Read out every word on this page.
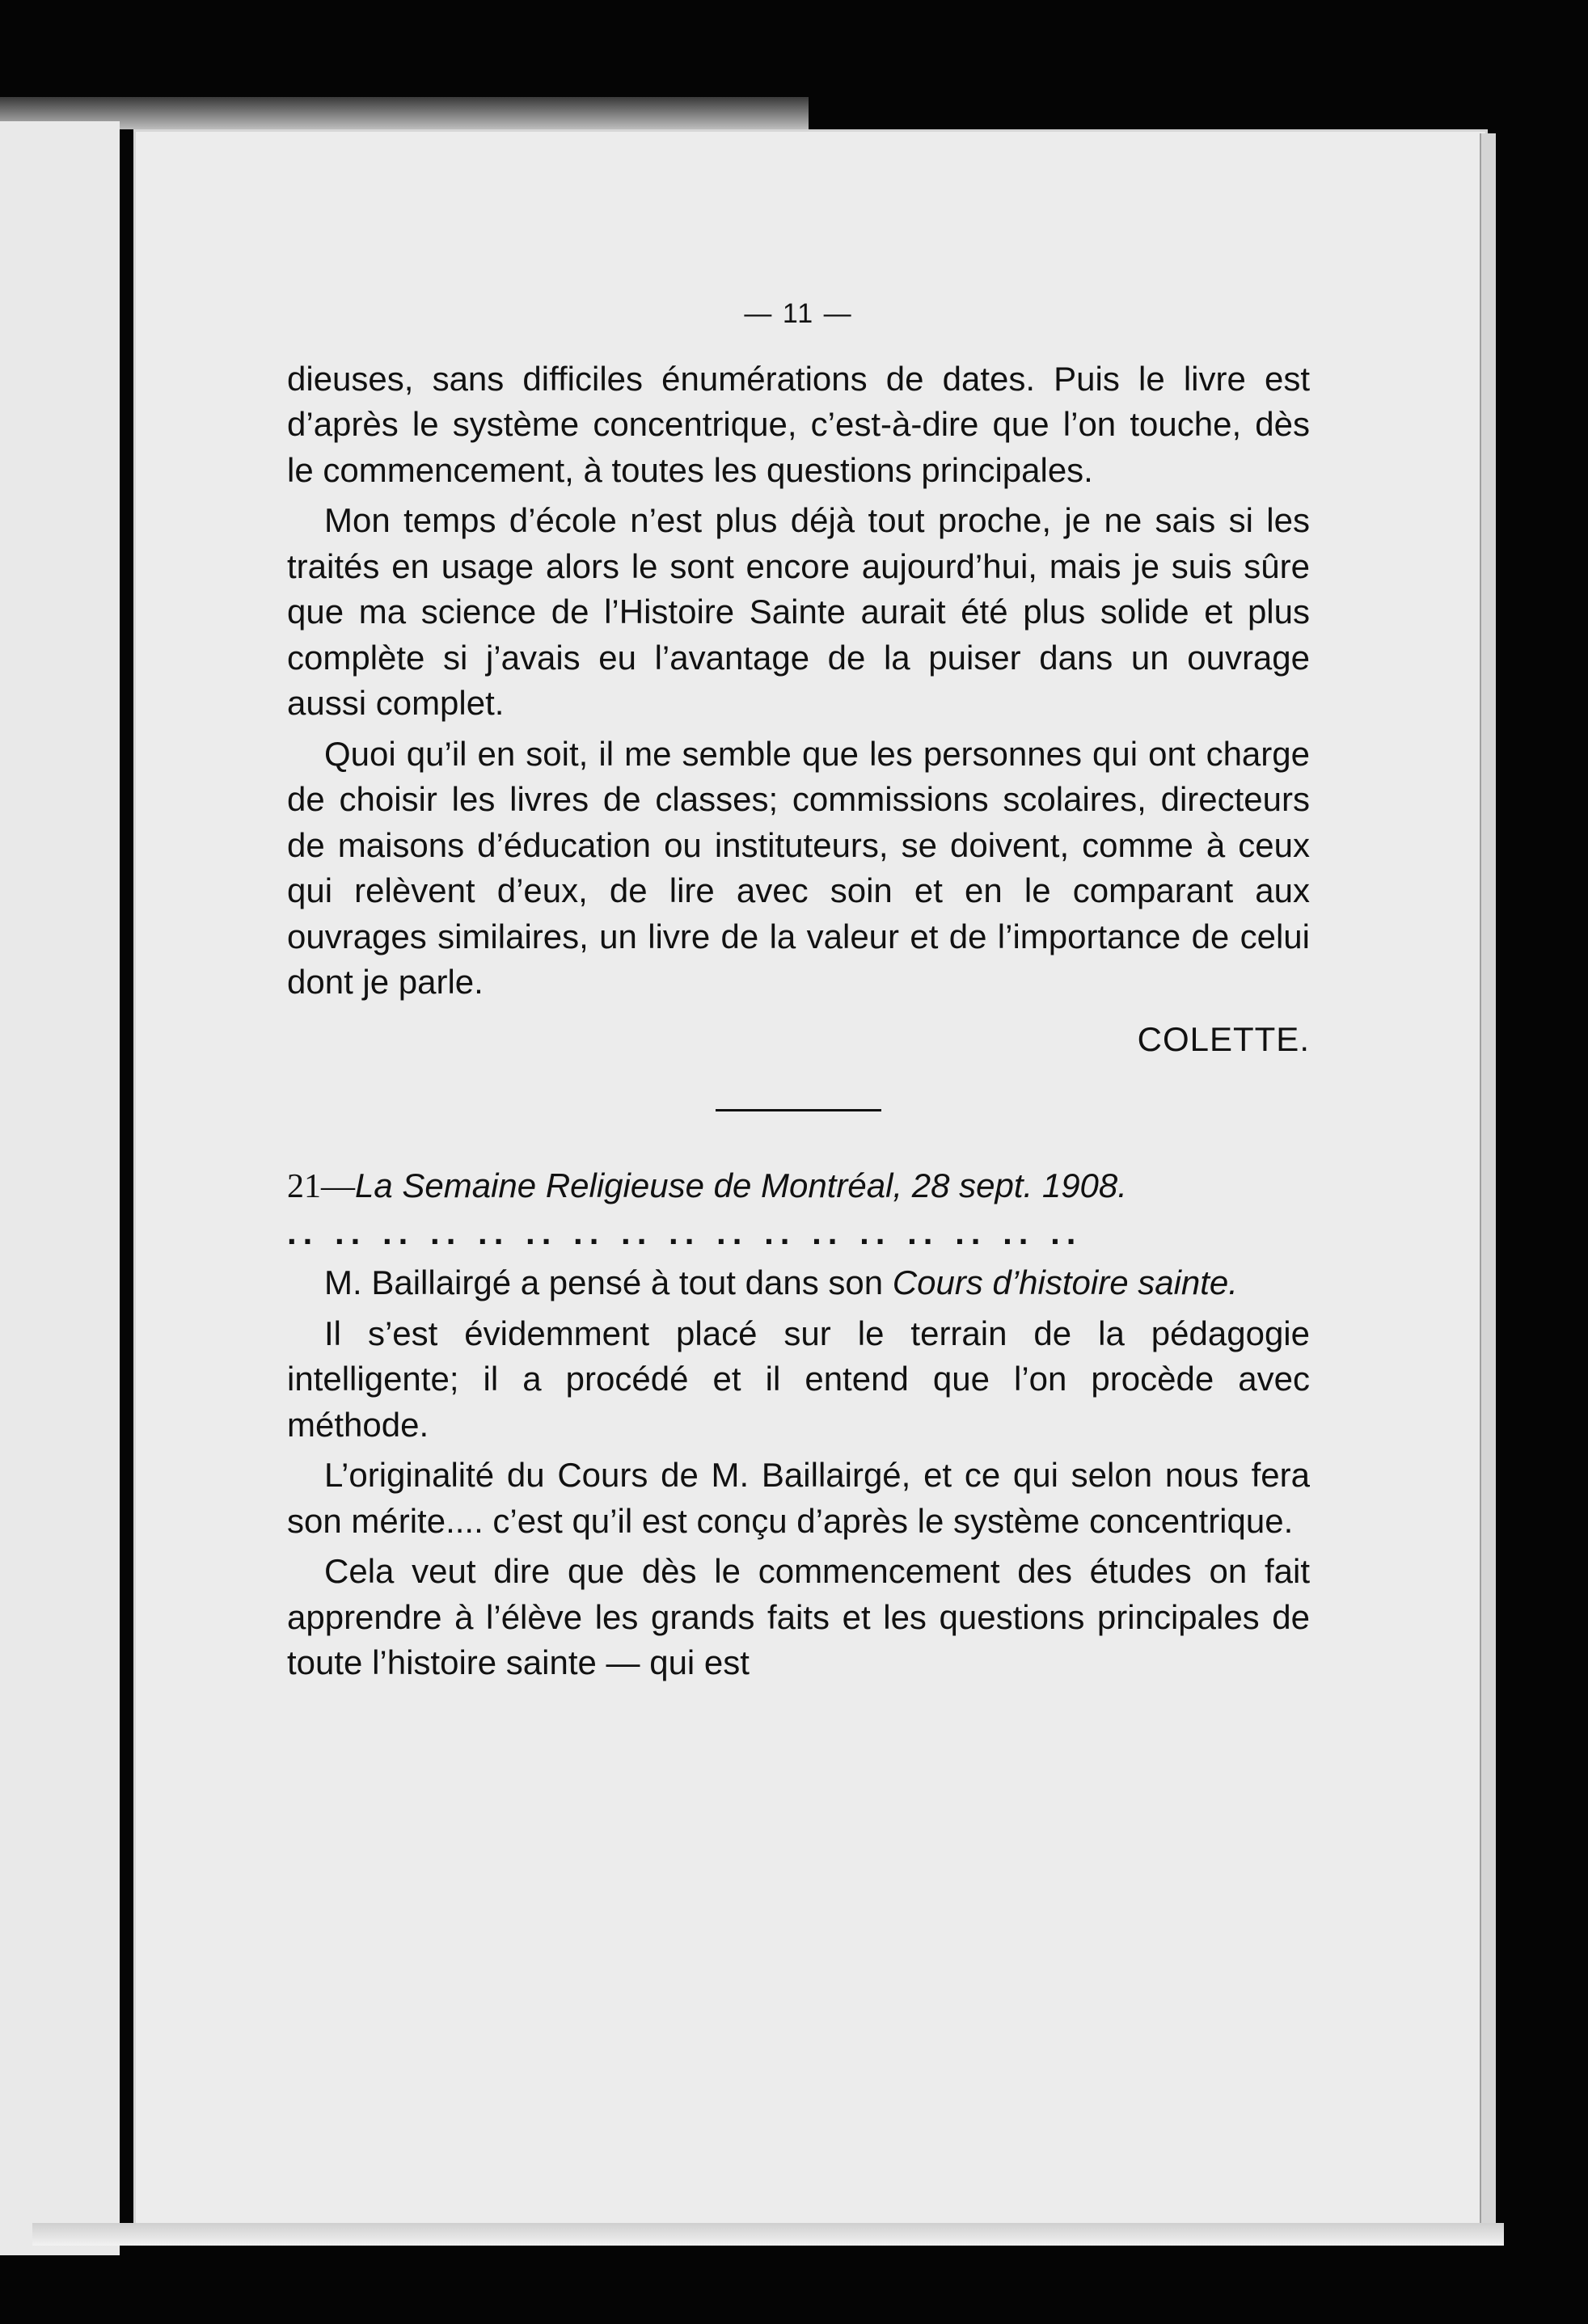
— 11 —

dieuses, sans difficiles énumérations de dates. Puis le livre est d’après le système concentrique, c’est-à-dire que l’on touche, dès le commencement, à toutes les questions principales.

Mon temps d’école n’est plus déjà tout proche, je ne sais si les traités en usage alors le sont encore aujourd’hui, mais je suis sûre que ma science de l’Histoire Sainte aurait été plus solide et plus complète si j’avais eu l’avantage de la puiser dans un ouvrage aussi complet.

Quoi qu’il en soit, il me semble que les personnes qui ont charge de choisir les livres de classes; commissions scolaires, directeurs de maisons d’éducation ou instituteurs, se doivent, comme à ceux qui relèvent d’eux, de lire avec soin et en le comparant aux ouvrages similaires, un livre de la valeur et de l’importance de celui dont je parle.

COLETTE.

21—La Semaine Religieuse de Montréal, 28 sept. 1908.

.. .. .. .. .. .. .. .. .. .. .. .. .. .. .. .. ..

M. Baillairgé a pensé à tout dans son Cours d’histoire sainte.

Il s’est évidemment placé sur le terrain de la pédagogie intelligente; il a procédé et il entend que l’on procède avec méthode.

L’originalité du Cours de M. Baillairgé, et ce qui selon nous fera son mérite.... c’est qu’il est conçu d’après le système concentrique.

Cela veut dire que dès le commencement des études on fait apprendre à l’élève les grands faits et les questions principales de toute l’histoire sainte — qui est
